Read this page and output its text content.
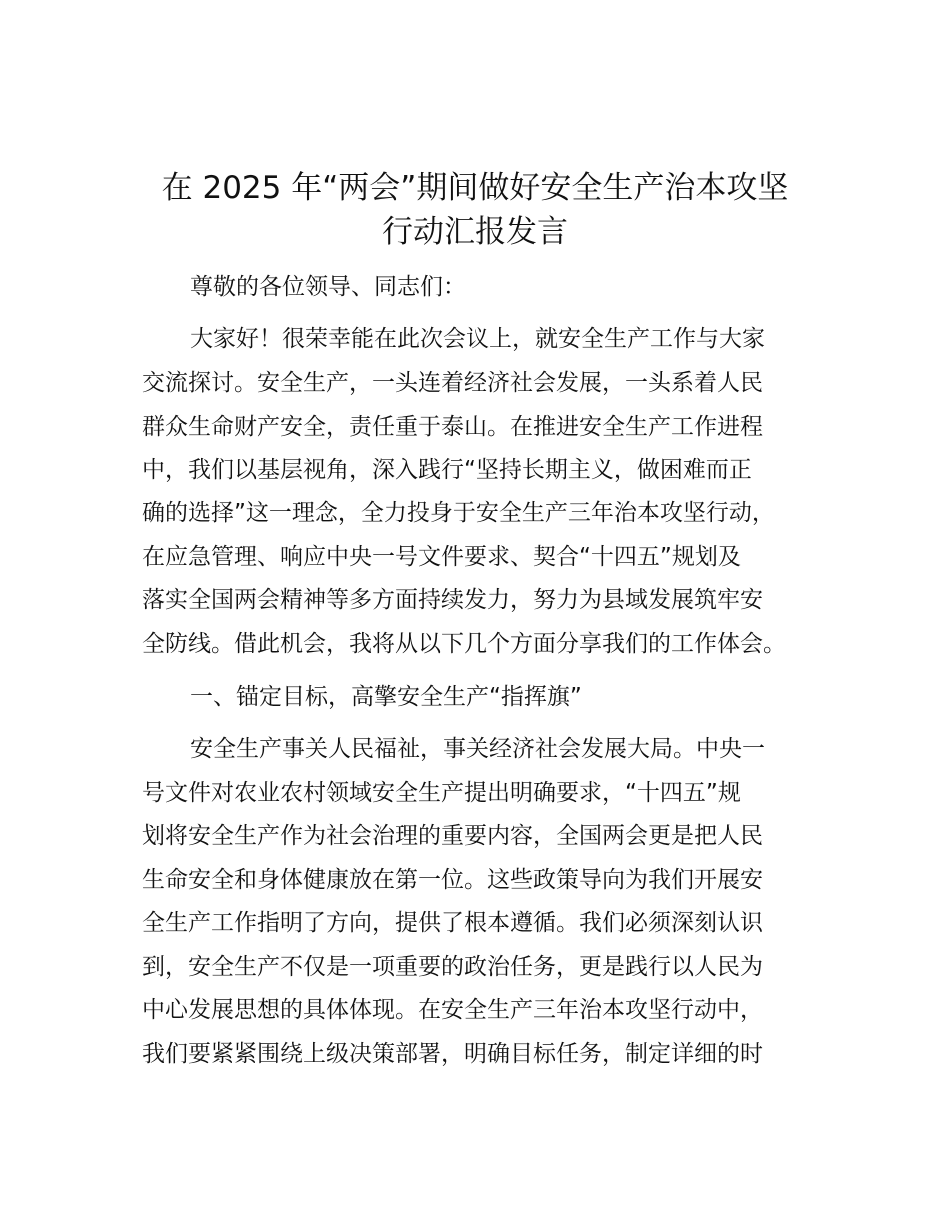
在 2025 年“两会”期间做好安全生产治本攻坚
行动汇报发言

尊敬的各位领导、同志们：

大家好！很荣幸能在此次会议上，就安全生产工作与大家

交流探讨。安全生产，一头连着经济社会发展，一头系着人民

群众生命财产安全，责任重于泰山。在推进安全生产工作进程

中，我们以基层视角，深入践行“坚持长期主义，做困难而正

确的选择”这一理念，全力投身于安全生产三年治本攻坚行动，

在应急管理、响应中央一号文件要求、契合“十四五”规划及

落实全国两会精神等多方面持续发力，努力为县域发展筑牢安

全防线。借此机会，我将从以下几个方面分享我们的工作体会。

一、锚定目标，高擎安全生产“指挥旗”

安全生产事关人民福祉，事关经济社会发展大局。中央一

号文件对农业农村领域安全生产提出明确要求，“十四五”规

划将安全生产作为社会治理的重要内容，全国两会更是把人民

生命安全和身体健康放在第一位。这些政策导向为我们开展安

全生产工作指明了方向，提供了根本遵循。我们必须深刻认识

到，安全生产不仅是一项重要的政治任务，更是践行以人民为

中心发展思想的具体体现。在安全生产三年治本攻坚行动中，

我们要紧紧围绕上级决策部署，明确目标任务，制定详细的时
